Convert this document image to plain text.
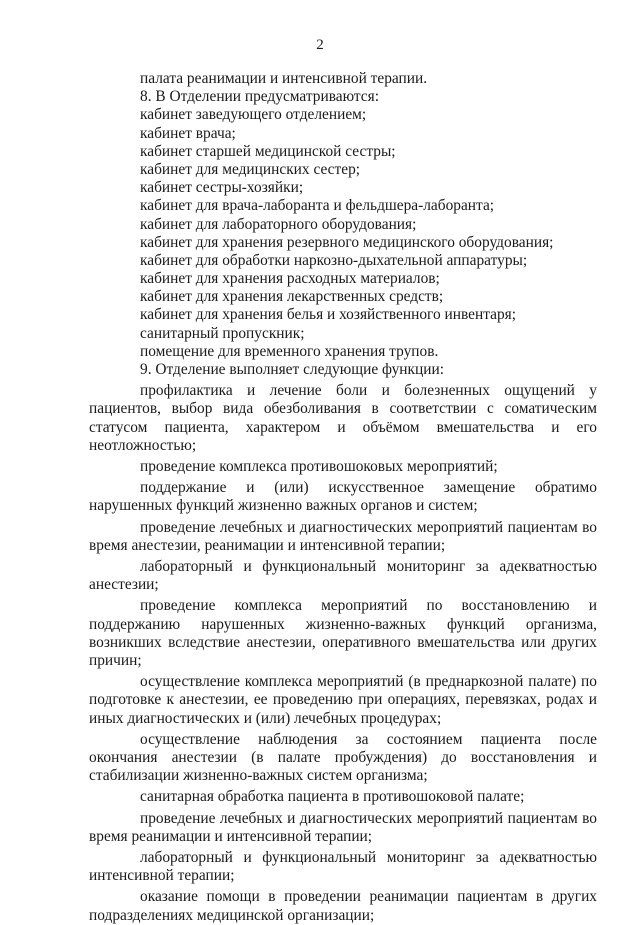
2
палата реанимации и интенсивной терапии.
8. В Отделении предусматриваются:
кабинет заведующего отделением;
кабинет врача;
кабинет старшей медицинской сестры;
кабинет для медицинских сестер;
кабинет сестры-хозяйки;
кабинет для врача-лаборанта и фельдшера-лаборанта;
кабинет для лабораторного оборудования;
кабинет для хранения резервного медицинского оборудования;
кабинет для обработки наркозно-дыхательной аппаратуры;
кабинет для хранения расходных материалов;
кабинет для хранения лекарственных средств;
кабинет для хранения белья и хозяйственного инвентаря;
санитарный пропускник;
помещение для временного хранения трупов.
9. Отделение выполняет следующие функции:

профилактика и лечение боли и болезненных ощущений у пациентов, выбор вида обезболивания в соответствии с соматическим статусом пациента, характером и объёмом вмешательства и его неотложностью;

проведение комплекса противошоковых мероприятий;

поддержание и (или) искусственное замещение обратимо нарушенных функций жизненно важных органов и систем;

проведение лечебных и диагностических мероприятий пациентам во время анестезии, реанимации и интенсивной терапии;

лабораторный и функциональный мониторинг за адекватностью анестезии;

проведение комплекса мероприятий по восстановлению и поддержанию нарушенных жизненно-важных функций организма, возникших вследствие анестезии, оперативного вмешательства или других причин;

осуществление комплекса мероприятий (в преднаркозной палате) по подготовке к анестезии, ее проведению при операциях, перевязках, родах и иных диагностических и (или) лечебных процедурах;

осуществление наблюдения за состоянием пациента после окончания анестезии (в палате пробуждения) до восстановления и стабилизации жизненно-важных систем организма;

санитарная обработка пациента в противошоковой палате;

проведение лечебных и диагностических мероприятий пациентам во время реанимации и интенсивной терапии;

лабораторный и функциональный мониторинг за адекватностью интенсивной терапии;

оказание помощи в проведении реанимации пациентам в других подразделениях медицинской организации;
